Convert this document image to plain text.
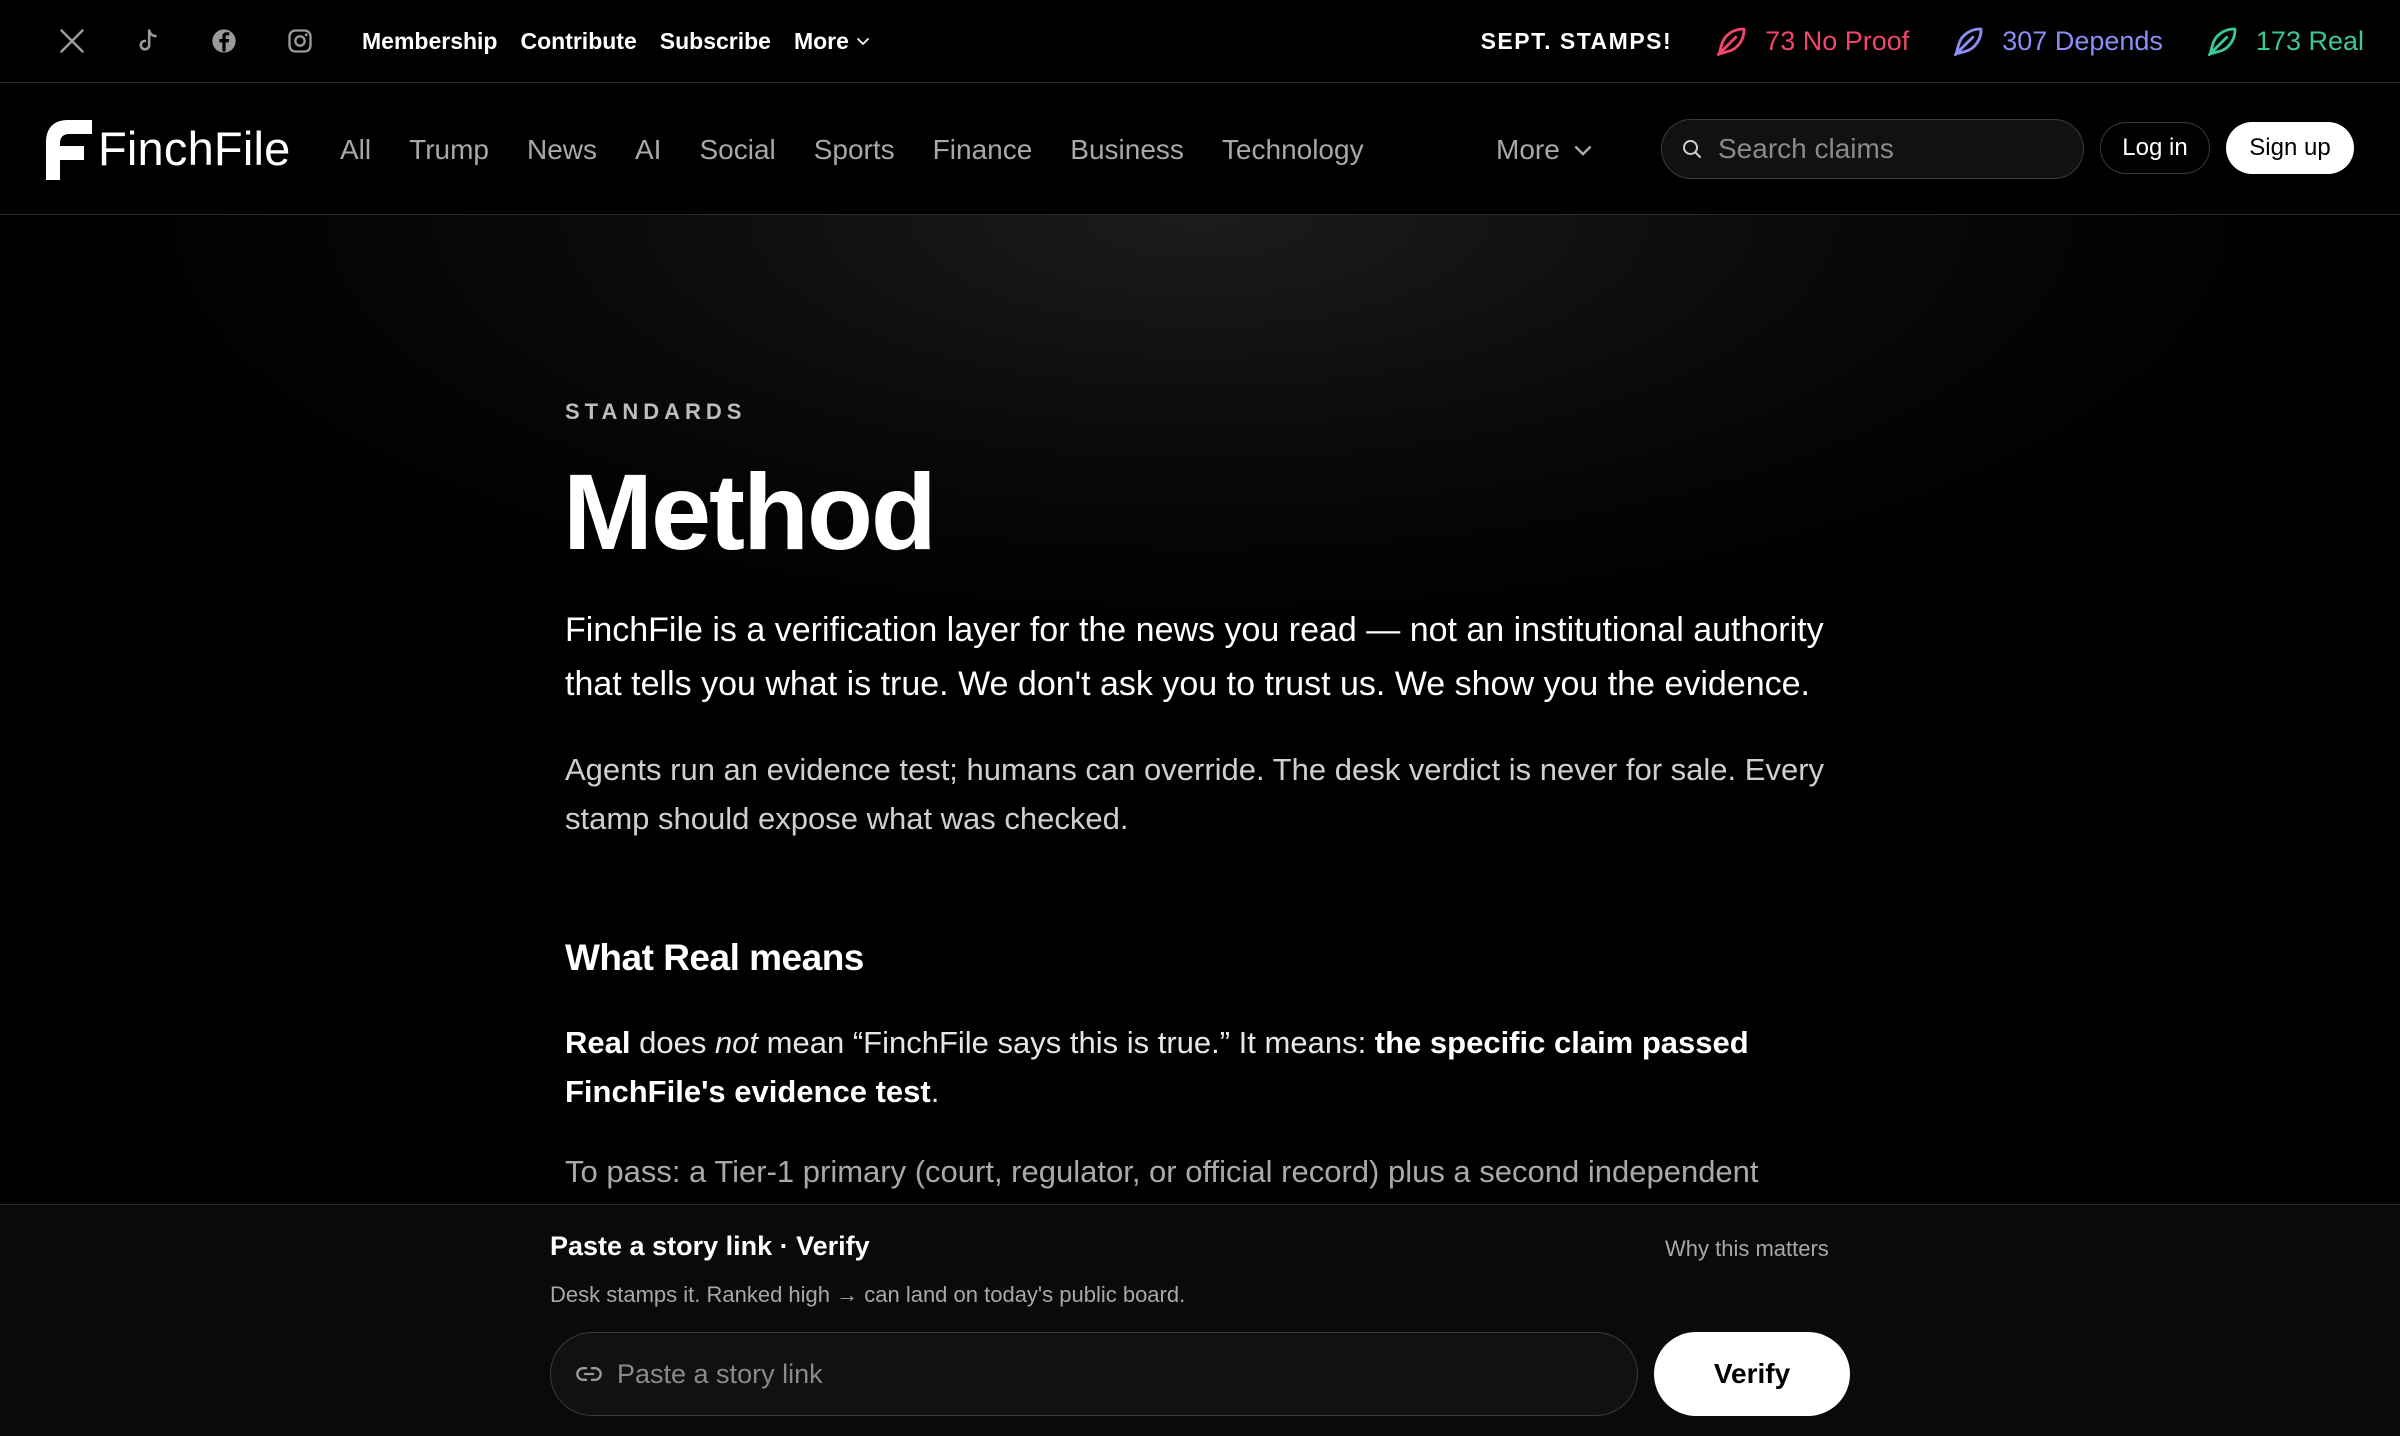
Membership Contribute Subscribe More	SEPT. STAMPS!	73 No Proof	307 Depends	173 Real
FinchFile All Trump News AI Social Sports Finance Business Technology	More
Search claims	Log in	Sign up
STANDARDS
Method

FinchFile is a verification layer for the news you read — not an institutional authority that tells you what is true. We don't ask you to trust us. We show you the evidence.

Agents run an evidence test; humans can override. The desk verdict is never for sale. Every stamp should expose what was checked.

What Real means

Real does not mean “FinchFile says this is true.” It means: the specific claim passed FinchFile's evidence test.

To pass: a Tier-1 primary (court, regulator, or official record) plus a second independent

Paste a story link · Verify	Why this matters
Desk stamps it. Ranked high → can land on today's public board.
Paste a story link
Verify
